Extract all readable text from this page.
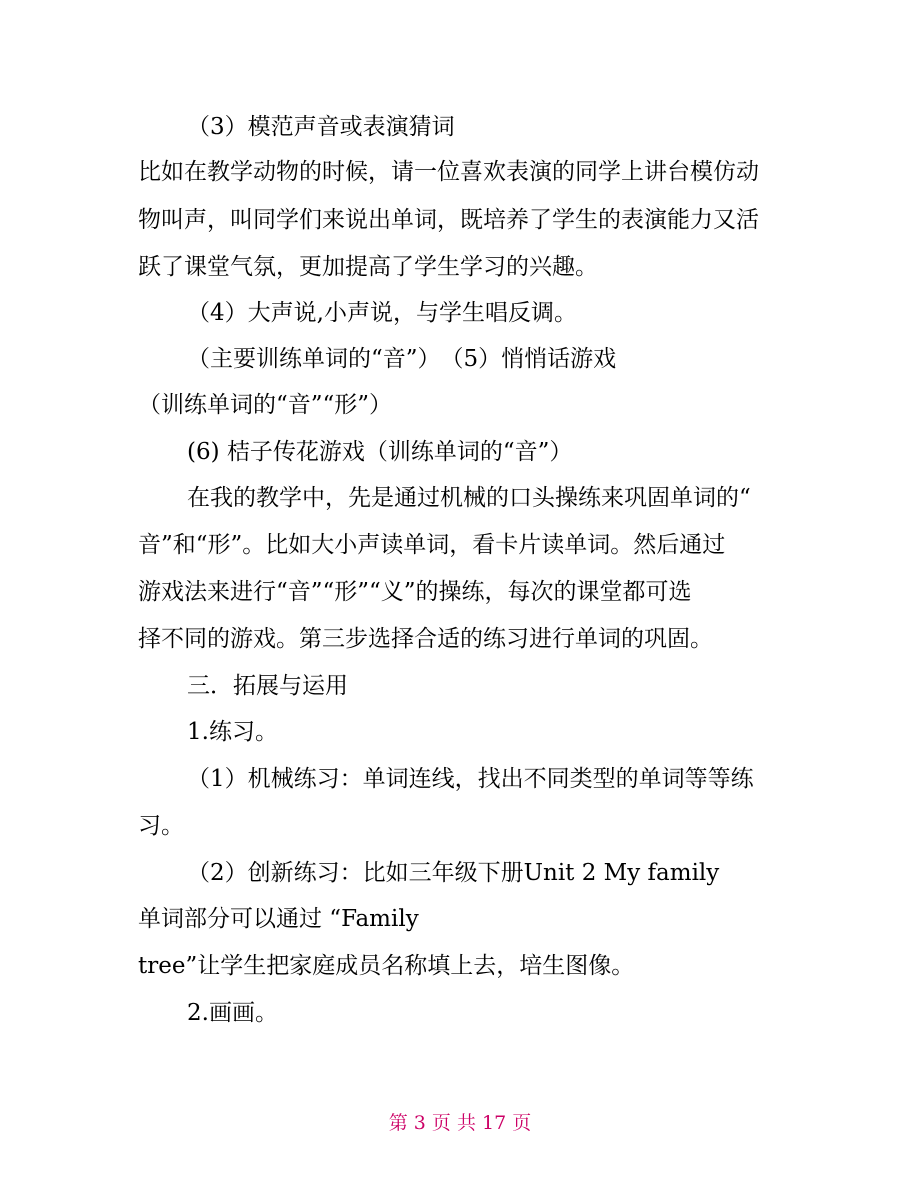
（3）模范声音或表演猜词
比如在教学动物的时候，请一位喜欢表演的同学上讲台模仿动
物叫声，叫同学们来说出单词，既培养了学生的表演能力又活
跃了课堂气氛，更加提高了学生学习的兴趣。
（4）大声说,小声说，与学生唱反调。
（主要训练单词的“音”）　（5）悄悄话游戏
（训练单词的“音”“形”）
(6) 桔子传花游戏（训练单词的“音”）
在我的教学中，先是通过机械的口头操练来巩固单词的“
音”和“形”。比如大小声读单词，看卡片读单词。然后通过
游戏法来进行“音”“形”“义”的操练，每次的课堂都可选
择不同的游戏。第三步选择合适的练习进行单词的巩固。
三．拓展与运用
1.练习。
（1）机械练习：单词连线，找出不同类型的单词等等练
习。
（2）创新练习：比如三年级下册Unit 2 My family
单词部分可以通过 “Family
tree”让学生把家庭成员名称填上去，培生图像。
2.画画。
第 3 页 共 17 页
